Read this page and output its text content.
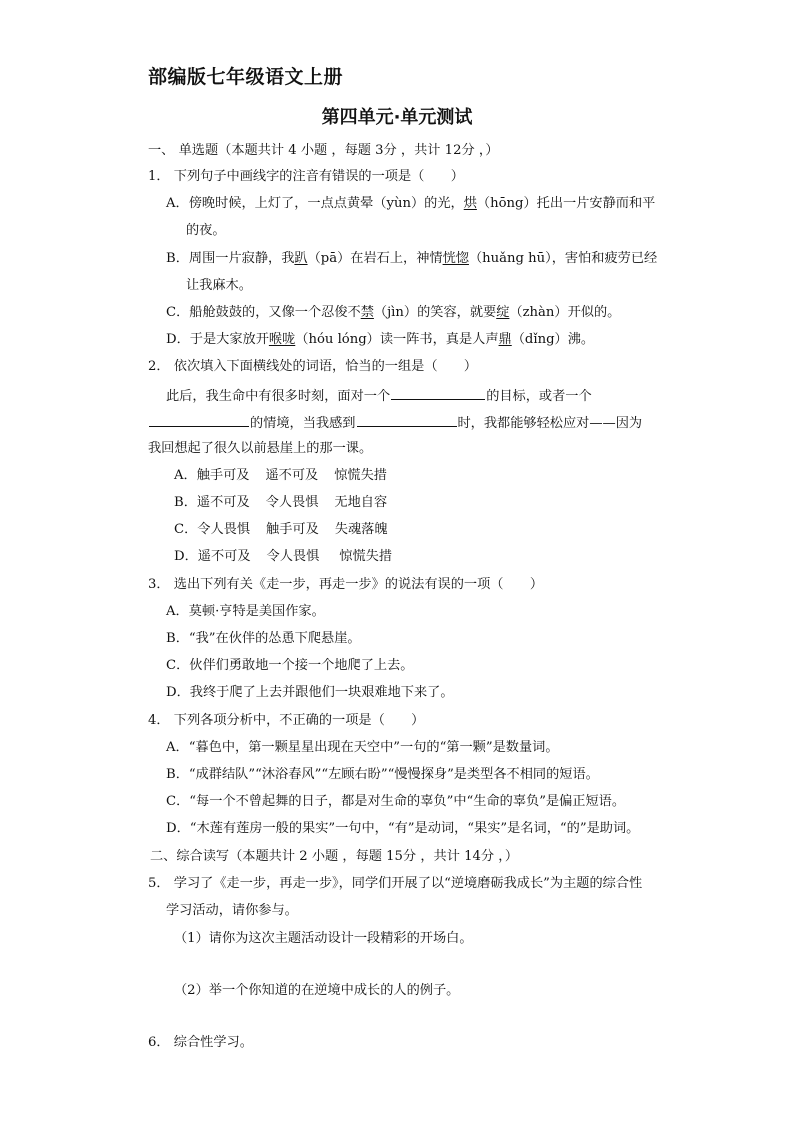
部编版七年级语文上册
第四单元·单元测试
一、 单选题（本题共计 4 小题 ，每题 3分 ，共计 12分 ，）
1． 下列句子中画线字的注音有错误的一项是（　　）
A．傍晚时候，上灯了，一点点黄晕（yùn）的光，烘（hōng）托出一片安静而和平
的夜。
B．周围一片寂静，我趴（pā）在岩石上，神情恍惚（huǎng hū），害怕和疲劳已经
让我麻木。
C．船舱鼓鼓的，又像一个忍俊不禁（jìn）的笑容，就要绽（zhàn）开似的。
D．于是大家放开喉咙（hóu lóng）读一阵书，真是人声鼎（dǐng）沸。
2． 依次填入下面横线处的词语，恰当的一组是（　　）
此后，我生命中有很多时刻，面对一个	的目标，或者一个
的情境，当我感到	时，我都能够轻松应对——因为
我回想起了很久以前悬崖上的那一课。
A．触手可及 遥不可及 惊慌失措
B．遥不可及 令人畏惧 无地自容
C．令人畏惧 触手可及 失魂落魄
D．遥不可及 令人畏惧 惊慌失措
3． 选出下列有关《走一步，再走一步》的说法有误的一项（　　）
A．莫顿·亨特是美国作家。
B．“我”在伙伴的怂恿下爬悬崖。
C．伙伴们勇敢地一个接一个地爬了上去。
D．我终于爬了上去并跟他们一块艰难地下来了。
4． 下列各项分析中，不正确的一项是（　　）
A．“暮色中，第一颗星星出现在天空中”一句的“第一颗”是数量词。
B．“成群结队”“沐浴春风”“左顾右盼”“慢慢探身”是类型各不相同的短语。
C．“每一个不曾起舞的日子，都是对生命的辜负”中“生命的辜负”是偏正短语。
D．“木莲有莲房一般的果实”一句中，“有”是动词，“果实”是名词，“的”是助词。
二、综合读写（本题共计 2 小题 ，每题 15分 ，共计 14分 ，）
5． 学习了《走一步，再走一步》，同学们开展了以“逆境磨砺我成长”为主题的综合性
学习活动，请你参与。
（1）请你为这次主题活动设计一段精彩的开场白。
（2）举一个你知道的在逆境中成长的人的例子。
6． 综合性学习。
